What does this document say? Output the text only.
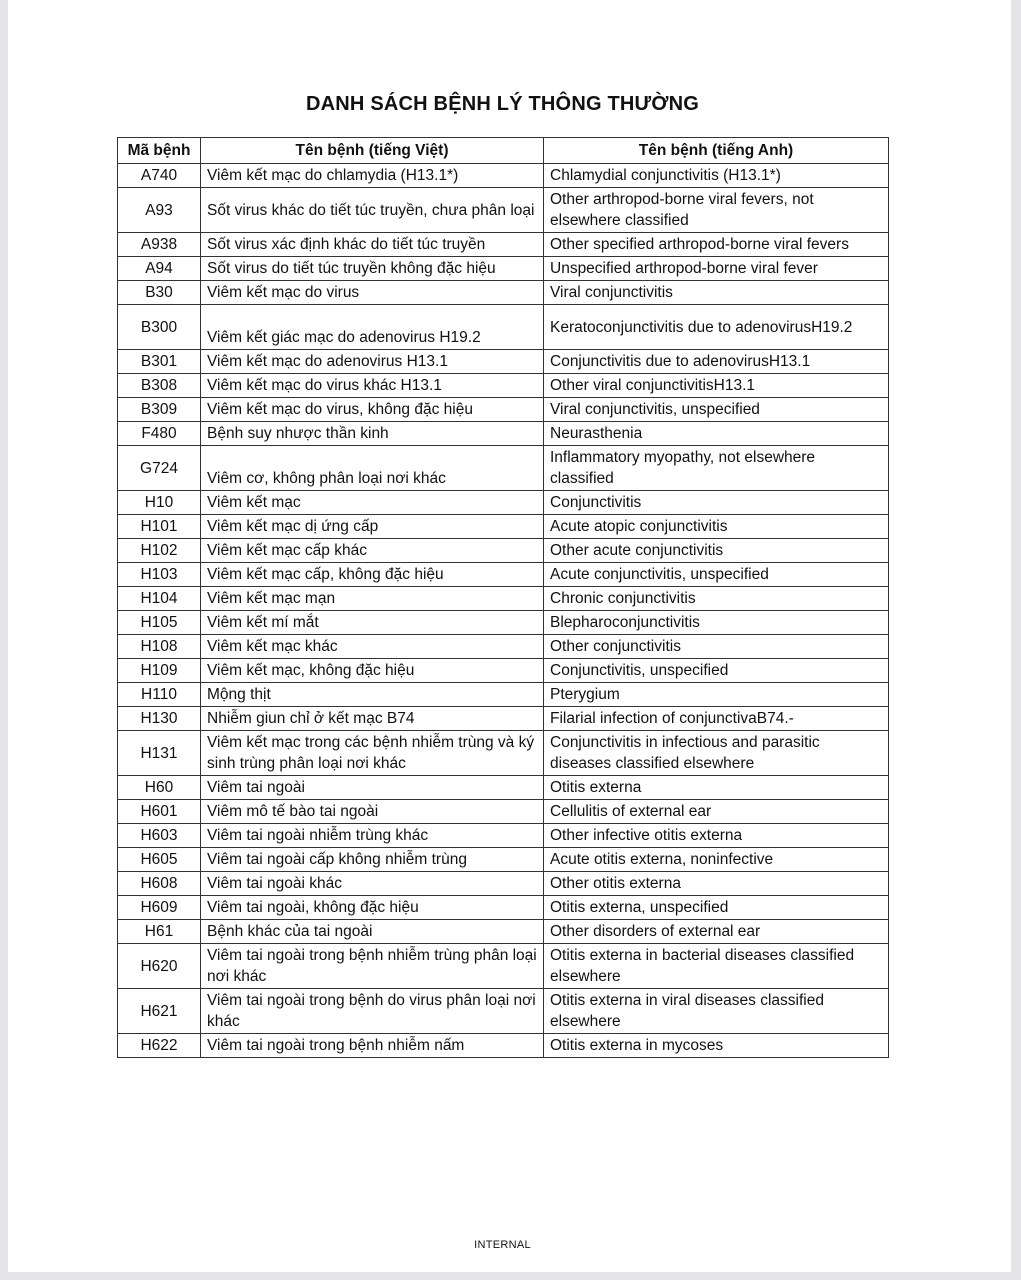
DANH SÁCH BỆNH LÝ THÔNG THƯỜNG
Mã bệnh	Tên bệnh (tiếng Việt)	Tên bệnh (tiếng Anh)
A740	Viêm kết mạc do chlamydia (H13.1*)	Chlamydial conjunctivitis (H13.1*)
A93	Sốt virus khác do tiết túc truyền, chưa phân loại	Other arthropod-borne viral fevers, not elsewhere classified
A938	Sốt virus xác định khác do tiết túc truyền	Other specified arthropod-borne viral fevers
A94	Sốt virus do tiết túc truyền không đặc hiệu	Unspecified arthropod-borne viral fever
B30	Viêm kết mạc do virus	Viral conjunctivitis
B300	Viêm kết giác mạc do adenovirus H19.2	Keratoconjunctivitis due to adenovirusH19.2
B301	Viêm kết mạc do adenovirus H13.1	Conjunctivitis due to adenovirusH13.1
B308	Viêm kết mạc do virus khác H13.1	Other viral conjunctivitisH13.1
B309	Viêm kết mạc do virus, không đặc hiệu	Viral conjunctivitis, unspecified
F480	Bệnh suy nhược thần kinh	Neurasthenia
G724	Viêm cơ, không phân loại nơi khác	Inflammatory myopathy, not elsewhere classified
H10	Viêm kết mạc	Conjunctivitis
H101	Viêm kết mạc dị ứng cấp	Acute atopic conjunctivitis
H102	Viêm kết mạc cấp khác	Other acute conjunctivitis
H103	Viêm kết mạc cấp, không đặc hiệu	Acute conjunctivitis, unspecified
H104	Viêm kết mạc mạn	Chronic conjunctivitis
H105	Viêm kết mí mắt	Blepharoconjunctivitis
H108	Viêm kết mạc khác	Other conjunctivitis
H109	Viêm kết mạc, không đặc hiệu	Conjunctivitis, unspecified
H110	Mộng thịt	Pterygium
H130	Nhiễm giun chỉ ở kết mạc B74	Filarial infection of conjunctivaB74.-
H131	Viêm kết mạc trong các bệnh nhiễm trùng và ký sinh trùng phân loại nơi khác	Conjunctivitis in infectious and parasitic diseases classified elsewhere
H60	Viêm tai ngoài	Otitis externa
H601	Viêm mô tế bào tai ngoài	Cellulitis of external ear
H603	Viêm tai ngoài nhiễm trùng khác	Other infective otitis externa
H605	Viêm tai ngoài cấp không nhiễm trùng	Acute otitis externa, noninfective
H608	Viêm tai ngoài khác	Other otitis externa
H609	Viêm tai ngoài, không đặc hiệu	Otitis externa, unspecified
H61	Bệnh khác của tai ngoài	Other disorders of external ear
H620	Viêm tai ngoài trong bệnh nhiễm trùng phân loại nơi khác	Otitis externa in bacterial diseases classified elsewhere
H621	Viêm tai ngoài trong bệnh do virus phân loại nơi khác	Otitis externa in viral diseases classified elsewhere
H622	Viêm tai ngoài trong bệnh nhiễm nấm	Otitis externa in mycoses
INTERNAL
